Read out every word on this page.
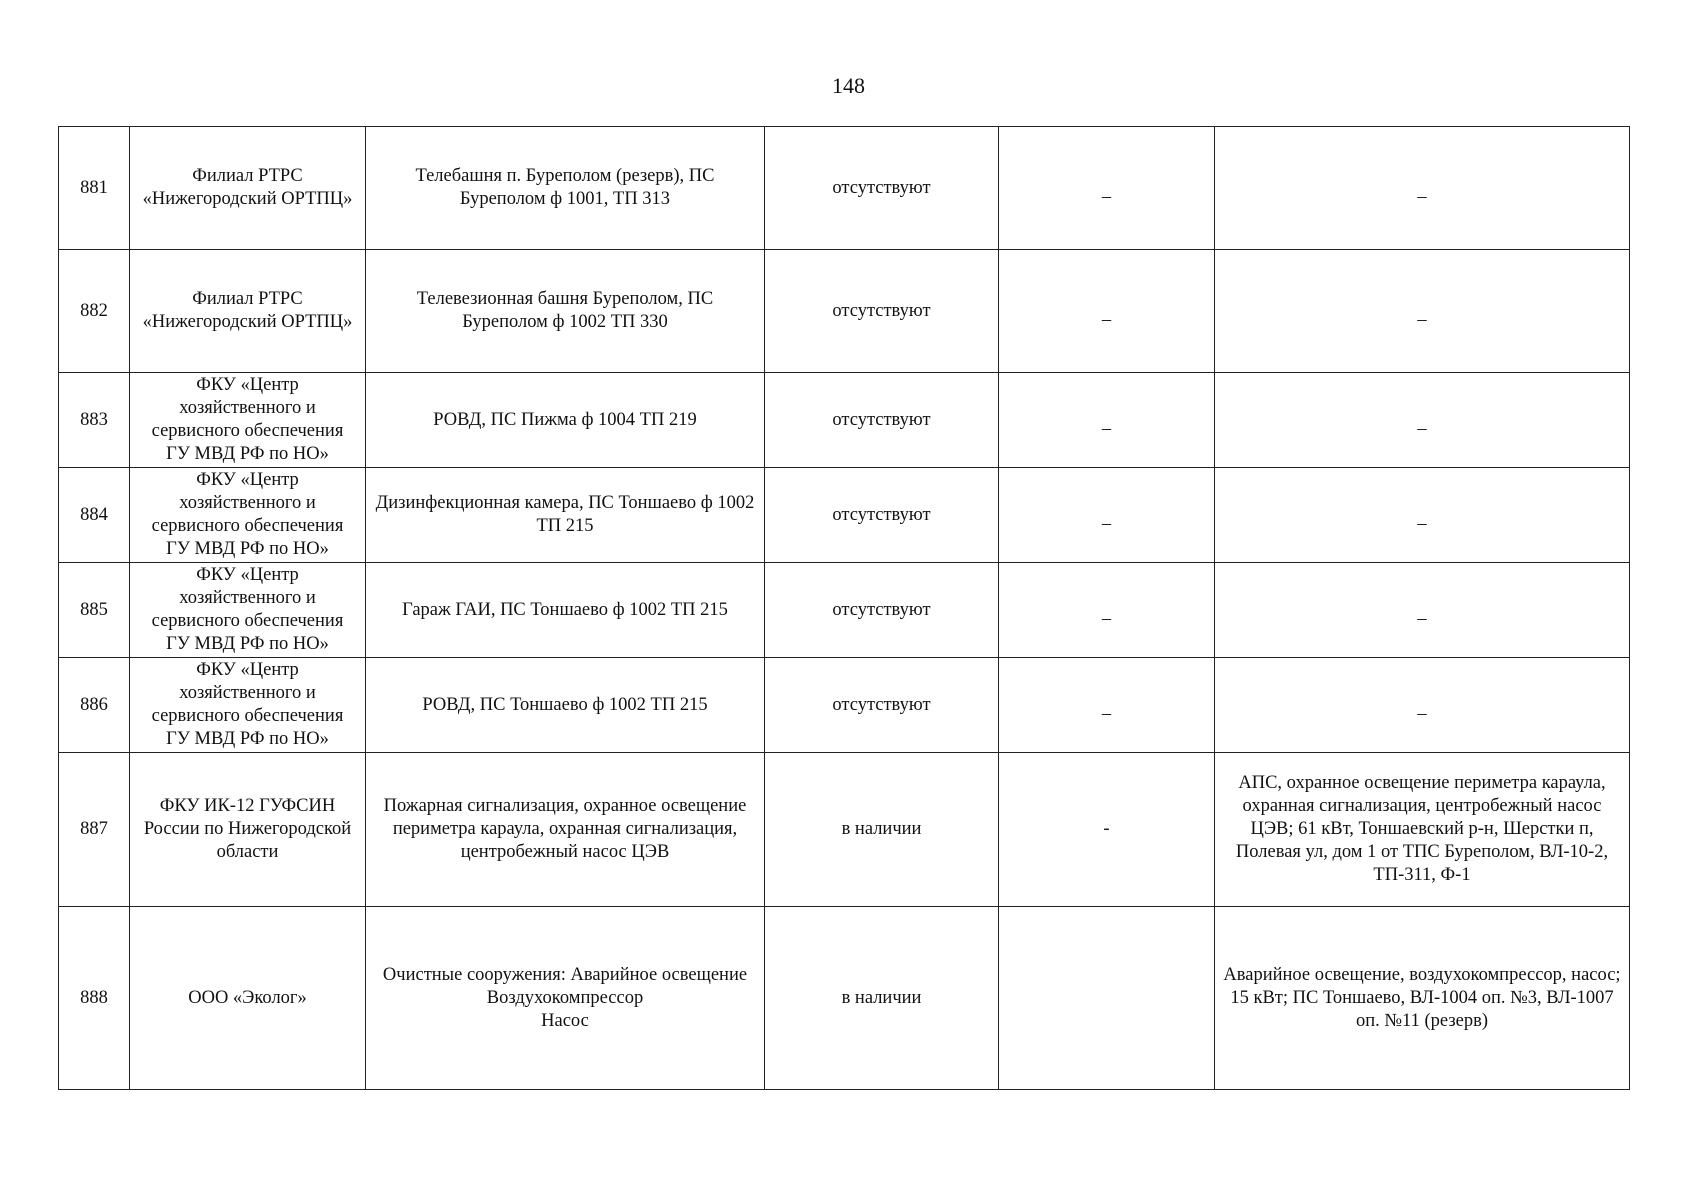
148
881	Филиал РТРС «Нижегородский ОРТПЦ»	Телебашня п. Буреполом (резерв), ПС Буреполом ф 1001, ТП 313	отсутствуют	–	–
882	Филиал РТРС «Нижегородский ОРТПЦ»	Телевезионная башня Буреполом, ПС Буреполом ф 1002 ТП 330	отсутствуют	–	–
883	ФКУ «Центр хозяйственного и сервисного обеспечения ГУ МВД РФ по НО»	РОВД, ПС Пижма ф 1004 ТП 219	отсутствуют	–	–
884	ФКУ «Центр хозяйственного и сервисного обеспечения ГУ МВД РФ по НО»	Дизинфекционная камера, ПС Тоншаево ф 1002 ТП 215	отсутствуют	–	–
885	ФКУ «Центр хозяйственного и сервисного обеспечения ГУ МВД РФ по НО»	Гараж ГАИ, ПС Тоншаево ф 1002 ТП 215	отсутствуют	–	–
886	ФКУ «Центр хозяйственного и сервисного обеспечения ГУ МВД РФ по НО»	РОВД, ПС Тоншаево ф 1002 ТП 215	отсутствуют	–	–
887	ФКУ ИК-12 ГУФСИН России по Нижегородской области	Пожарная сигнализация, охранное освещение периметра караула, охранная сигнализация, центробежный насос ЦЭВ	в наличии	-	АПС, охранное освещение периметра караула, охранная сигнализация, центробежный насос ЦЭВ; 61 кВт, Тоншаевский р-н, Шерстки п, Полевая ул, дом 1 от ТПС Буреполом, ВЛ-10-2, ТП-311, Ф-1
888	ООО «Эколог»	Очистные сооружения: Аварийное освещение
Воздухокомпрессор
Насос	в наличии		Аварийное освещение, воздухокомпрессор, насос; 15 кВт; ПС Тоншаево, ВЛ-1004 оп. №3, ВЛ-1007 оп. №11 (резерв)
